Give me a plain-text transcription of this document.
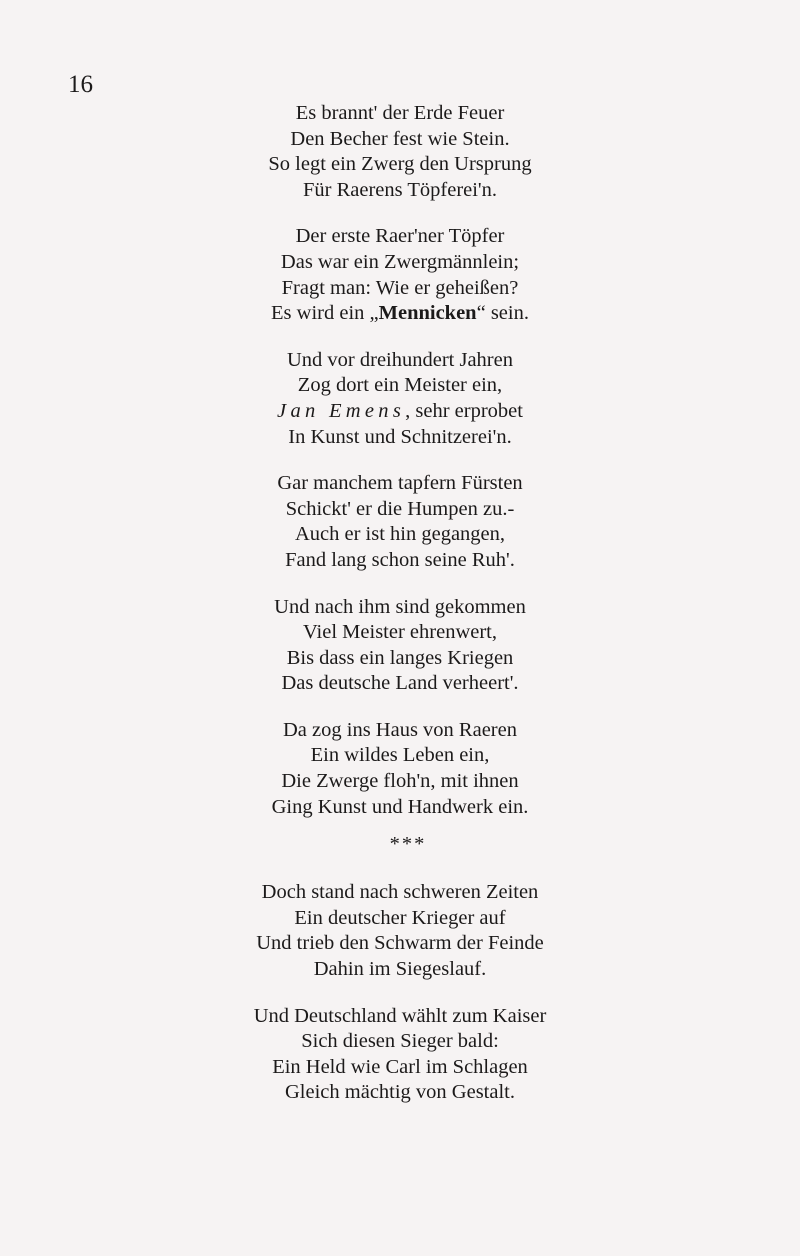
16
Es brannt' der Erde Feuer
Den Becher fest wie Stein.
So legt ein Zwerg den Ursprung
Für Raerens Töpferei'n.
Der erste Raer'ner Töpfer
Das war ein Zwergmännlein;
Fragt man: Wie er geheißen?
Es wird ein „Mennicken“ sein.
Und vor dreihundert Jahren
Zog dort ein Meister ein,
Jan Emens, sehr erprobet
In Kunst und Schnitzerei'n.
Gar manchem tapfern Fürsten
Schickt' er die Humpen zu.-
Auch er ist hin gegangen,
Fand lang schon seine Ruh'.
Und nach ihm sind gekommen
Viel Meister ehrenwert,
Bis dass ein langes Kriegen
Das deutsche Land verheert'.
Da zog ins Haus von Raeren
Ein wildes Leben ein,
Die Zwerge floh'n, mit ihnen
Ging Kunst und Handwerk ein.
***
Doch stand nach schweren Zeiten
Ein deutscher Krieger auf
Und trieb den Schwarm der Feinde
Dahin im Siegeslauf.
Und Deutschland wählt zum Kaiser
Sich diesen Sieger bald:
Ein Held wie Carl im Schlagen
Gleich mächtig von Gestalt.
